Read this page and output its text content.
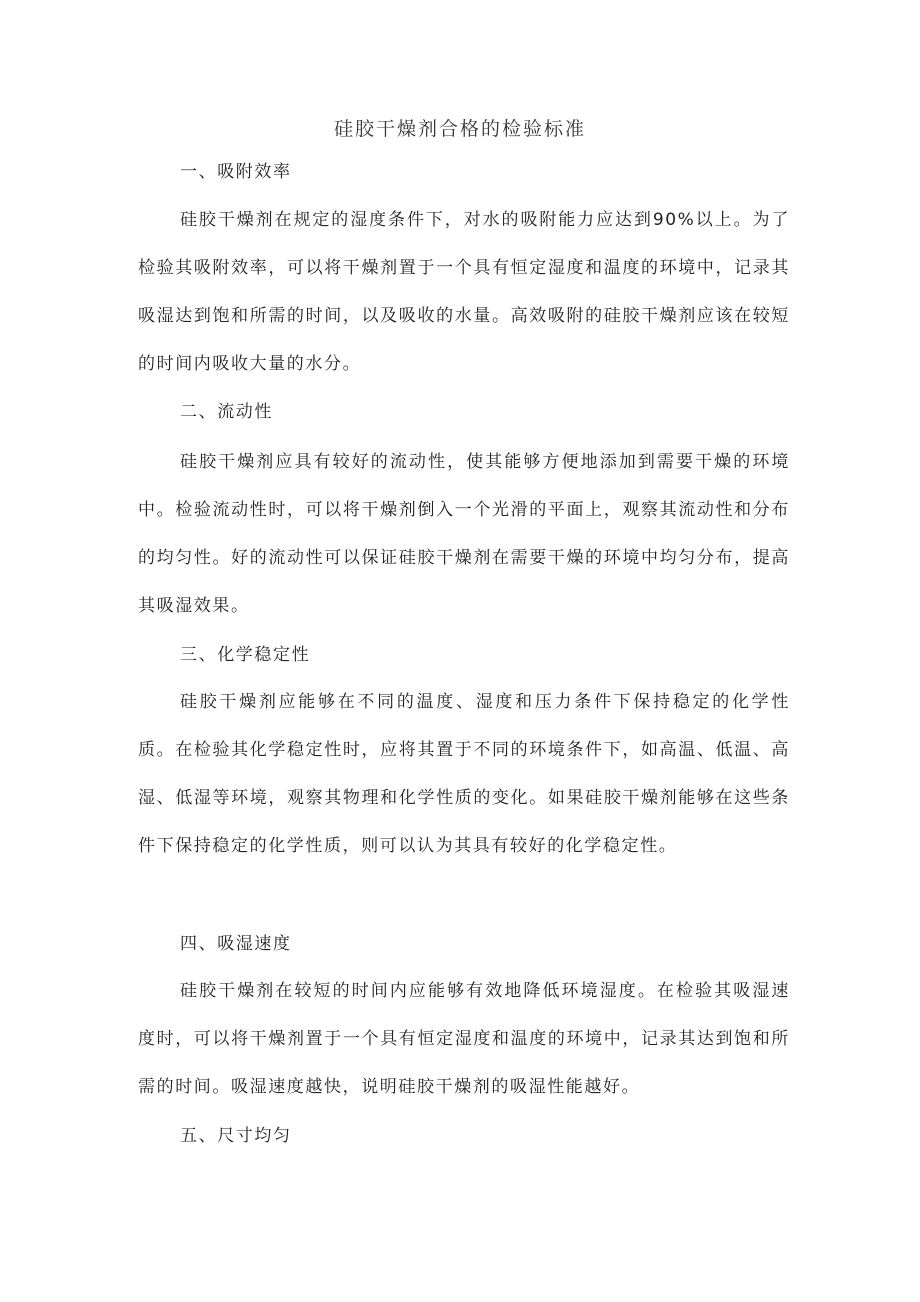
硅胶干燥剂合格的检验标准

一、吸附效率

硅胶干燥剂在规定的湿度条件下，对水的吸附能力应达到90%以上。为了检验其吸附效率，可以将干燥剂置于一个具有恒定湿度和温度的环境中，记录其吸湿达到饱和所需的时间，以及吸收的水量。高效吸附的硅胶干燥剂应该在较短的时间内吸收大量的水分。

二、流动性

硅胶干燥剂应具有较好的流动性，使其能够方便地添加到需要干燥的环境中。检验流动性时，可以将干燥剂倒入一个光滑的平面上，观察其流动性和分布的均匀性。好的流动性可以保证硅胶干燥剂在需要干燥的环境中均匀分布，提高其吸湿效果。

三、化学稳定性

硅胶干燥剂应能够在不同的温度、湿度和压力条件下保持稳定的化学性质。在检验其化学稳定性时，应将其置于不同的环境条件下，如高温、低温、高湿、低湿等环境，观察其物理和化学性质的变化。如果硅胶干燥剂能够在这些条件下保持稳定的化学性质，则可以认为其具有较好的化学稳定性。

四、吸湿速度

硅胶干燥剂在较短的时间内应能够有效地降低环境湿度。在检验其吸湿速度时，可以将干燥剂置于一个具有恒定湿度和温度的环境中，记录其达到饱和所需的时间。吸湿速度越快，说明硅胶干燥剂的吸湿性能越好。

五、尺寸均匀
